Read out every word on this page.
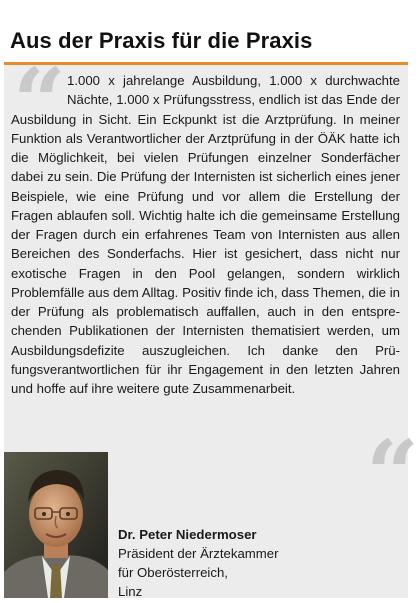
Aus der Praxis für die Praxis
“ 1.000 x jahrelange Ausbildung, 1.000 x durchwachte Nächte, 1.000 x Prüfungsstress, endlich ist das Ende der Ausbildung in Sicht. Ein Eckpunkt ist die Arztprüfung. In meiner Funktion als Verantwortlicher der Arztprüfung in der ÖÄK hatte ich die Möglichkeit, bei vielen Prüfungen einzelner Sonderfächer dabei zu sein. Die Prüfung der Internisten ist sicherlich eines jener Beispiele, wie eine Prüfung und vor allem die Erstellung der Fragen ablaufen soll. Wichtig halte ich die gemeinsame Erstellung der Fragen durch ein erfahrenes Team von Internisten aus allen Bereichen des Sonderfachs. Hier ist gesichert, dass nicht nur exotische Fragen in den Pool gelangen, sondern wirklich Problemfälle aus dem Alltag. Positiv finde ich, dass Themen, die in der Prüfung als problematisch auffallen, auch in den entsprechenden Publikationen der Internisten thematisiert werden, um Ausbildungsdefizite auszugleichen. Ich danke den Prüfungsverantwortlichen für ihr Engagement in den letzten Jahren und hoffe auf ihre weitere gute Zusammenarbeit.
“
Dr. Peter Niedermoser
Präsident der Ärztekammer
für Oberösterreich,
Linz
